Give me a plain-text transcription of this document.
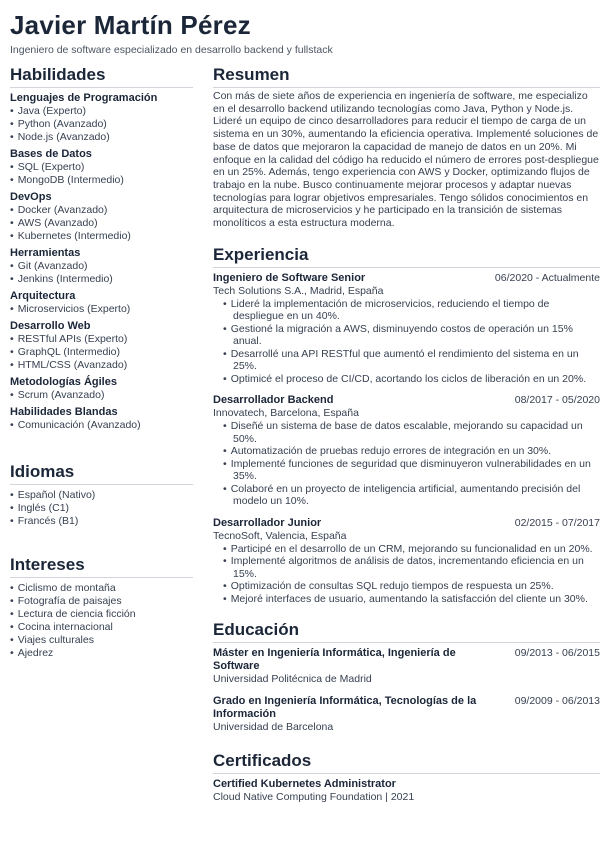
Javier Martín Pérez
Ingeniero de software especializado en desarrollo backend y fullstack
Habilidades
Lenguajes de Programación
• Java (Experto)
• Python (Avanzado)
• Node.js (Avanzado)
Bases de Datos
• SQL (Experto)
• MongoDB (Intermedio)
DevOps
• Docker (Avanzado)
• AWS (Avanzado)
• Kubernetes (Intermedio)
Herramientas
• Git (Avanzado)
• Jenkins (Intermedio)
Arquitectura
• Microservicios (Experto)
Desarrollo Web
• RESTful APIs (Experto)
• GraphQL (Intermedio)
• HTML/CSS (Avanzado)
Metodologías Ágiles
• Scrum (Avanzado)
Habilidades Blandas
• Comunicación (Avanzado)
Idiomas
• Español (Nativo)
• Inglés (C1)
• Francés (B1)
Intereses
• Ciclismo de montaña
• Fotografía de paisajes
• Lectura de ciencia ficción
• Cocina internacional
• Viajes culturales
• Ajedrez
Resumen

Con más de siete años de experiencia en ingeniería de software, me especializo en el desarrollo backend utilizando tecnologías como Java, Python y Node.js. Lideré un equipo de cinco desarrolladores para reducir el tiempo de carga de un sistema en un 30%, aumentando la eficiencia operativa. Implementé soluciones de base de datos que mejoraron la capacidad de manejo de datos en un 20%. Mi enfoque en la calidad del código ha reducido el número de errores post-despliegue en un 25%. Además, tengo experiencia con AWS y Docker, optimizando flujos de trabajo en la nube. Busco continuamente mejorar procesos y adaptar nuevas tecnologías para lograr objetivos empresariales. Tengo sólidos conocimientos en arquitectura de microservicios y he participado en la transición de sistemas monolíticos a esta estructura moderna.

Experiencia
Ingeniero de Software Senior	06/2020 - Actualmente
Tech Solutions S.A., Madrid, España
• Lideré la implementación de microservicios, reduciendo el tiempo de despliegue en un 40%.
• Gestioné la migración a AWS, disminuyendo costos de operación un 15% anual.
• Desarrollé una API RESTful que aumentó el rendimiento del sistema en un 25%.
• Optimicé el proceso de CI/CD, acortando los ciclos de liberación en un 20%.
Desarrollador Backend	08/2017 - 05/2020
Innovatech, Barcelona, España
• Diseñé un sistema de base de datos escalable, mejorando su capacidad un 50%.
• Automatización de pruebas redujo errores de integración en un 30%.
• Implementé funciones de seguridad que disminuyeron vulnerabilidades en un 35%.
• Colaboré en un proyecto de inteligencia artificial, aumentando precisión del modelo un 10%.
Desarrollador Junior	02/2015 - 07/2017
TecnoSoft, Valencia, España
• Participé en el desarrollo de un CRM, mejorando su funcionalidad en un 20%.
• Implementé algoritmos de análisis de datos, incrementando eficiencia en un 15%.
• Optimización de consultas SQL redujo tiempos de respuesta un 25%.
• Mejoré interfaces de usuario, aumentando la satisfacción del cliente un 30%.
Educación
Máster en Ingeniería Informática, Ingeniería de Software
09/2013 - 06/2015
Universidad Politécnica de Madrid
Grado en Ingeniería Informática, Tecnologías de la Información
09/2009 - 06/2013
Universidad de Barcelona
Certificados
Certified Kubernetes Administrator
Cloud Native Computing Foundation | 2021
